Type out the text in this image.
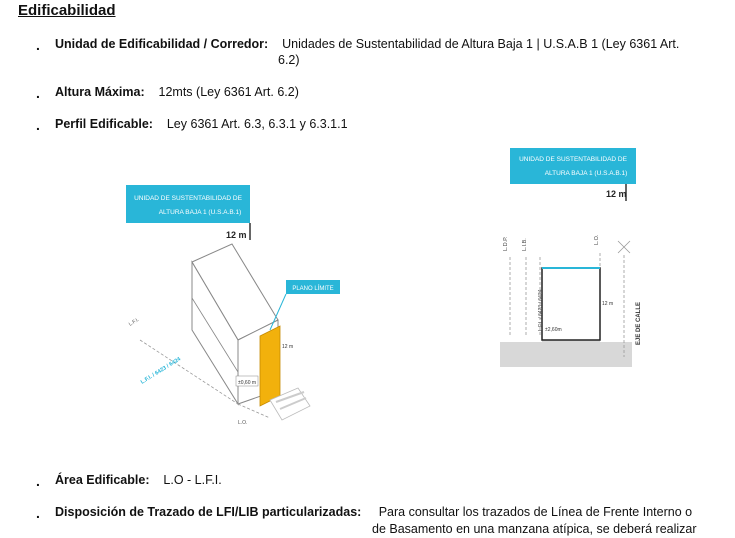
Edificabilidad
. Unidad de Edificabilidad / Corredor: Unidades de Sustentabilidad de Altura Baja 1 | U.S.A.B 1 (Ley 6361 Art.
6.2)
. Altura Máxima: 12mts (Ley 6361 Art. 6.2)
. Perfil Edificable: Ley 6361 Art. 6.3, 6.3.1 y 6.3.1.1
UNIDAD DE SUSTENTABILIDAD DE
ALTURA BAJA 1 (U.S.A.B.1)
12 m
PLANO LÍMITE
L.F.I. / 6423 / 6424
L.F.I.
L.O.
12 m
±0,60 m
UNIDAD DE SUSTENTABILIDAD DE
ALTURA BAJA 1 (U.S.A.B.1)
12 m
L.D.P. L.I.B.	L.O.
L.F.I. / 6423 / 6424	12 m
±2,60m	EJE DE CALLE
. Área Edificable: L.O - L.F.I.
. Disposición de Trazado de LFI/LIB particularizadas: Para consultar los trazados de Línea de Frente Interno o
de Basamento en una manzana atípica, se deberá realizar
